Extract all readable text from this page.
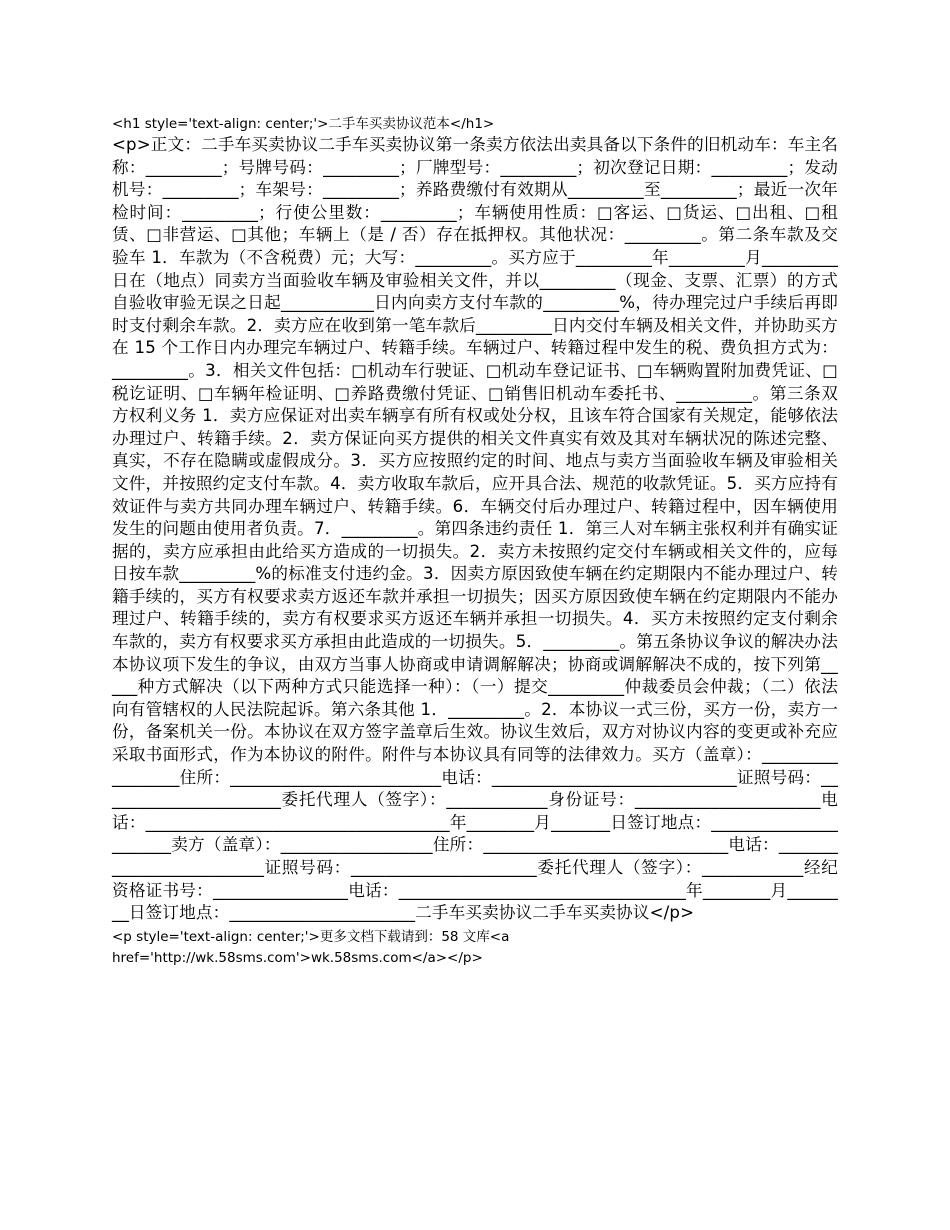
<h1 style='text-align: center;'>二手车买卖协议范本</h1>

<p>正文：二手车买卖协议二手车买卖协议第一条卖方依法出卖具备以下条件的旧机动车：车主名称：_________；号牌号码：_________；厂牌型号：_________；初次登记日期：_________；发动机号：_________；车架号：_________；养路费缴付有效期从_________至_________；最近一次年检时间：_________；行使公里数：_________；车辆使用性质：□客运、□货运、□出租、□租赁、□非营运、□其他；车辆上（是 / 否）存在抵押权。其他状况：_________。第二条车款及交验车 1．车款为（不含税费）元；大写：_________。买方应于_________年_________月_________日在（地点）同卖方当面验收车辆及审验相关文件，并以_________（现金、支票、汇票）的方式自验收审验无误之日起___________日内向卖方支付车款的_________%，待办理完过户手续后再即时支付剩余车款。2．卖方应在收到第一笔车款后_________日内交付车辆及相关文件，并协助买方在 15 个工作日内办理完车辆过户、转籍手续。车辆过户、转籍过程中发生的税、费负担方式为：_________。3．相关文件包括：□机动车行驶证、□机动车登记证书、□车辆购置附加费凭证、□税讫证明、□车辆年检证明、□养路费缴付凭证、□销售旧机动车委托书、_________。第三条双方权利义务 1．卖方应保证对出卖车辆享有所有权或处分权，且该车符合国家有关规定，能够依法办理过户、转籍手续。2．卖方保证向买方提供的相关文件真实有效及其对车辆状况的陈述完整、真实，不存在隐瞒或虚假成分。3．买方应按照约定的时间、地点与卖方当面验收车辆及审验相关文件，并按照约定支付车款。4．卖方收取车款后，应开具合法、规范的收款凭证。5．买方应持有效证件与卖方共同办理车辆过户、转籍手续。6．车辆交付后办理过户、转籍过程中，因车辆使用发生的问题由使用者负责。7．_________。第四条违约责任 1．第三人对车辆主张权利并有确实证据的，卖方应承担由此给买方造成的一切损失。2．卖方未按照约定交付车辆或相关文件的，应每日按车款_________%的标准支付违约金。3．因卖方原因致使车辆在约定期限内不能办理过户、转籍手续的，买方有权要求卖方返还车款并承担一切损失；因买方原因致使车辆在约定期限内不能办理过户、转籍手续的，卖方有权要求买方返还车辆并承担一切损失。4．买方未按照约定支付剩余车款的，卖方有权要求买方承担由此造成的一切损失。5．_________。第五条协议争议的解决办法本协议项下发生的争议，由双方当事人协商或申请调解解决；协商或调解解决不成的，按下列第_____种方式解决（以下两种方式只能选择一种）：（一）提交_________仲裁委员会仲裁；（二）依法向有管辖权的人民法院起诉。第六条其他 1．_________。2．本协议一式三份，买方一份，卖方一份，备案机关一份。本协议在双方签字盖章后生效。协议生效后，双方对协议内容的变更或补充应采取书面形式，作为本协议的附件。附件与本协议具有同等的法律效力。买方（盖章）：_________________住所：_________________________电话：_____________________________证照号码：______________________委托代理人（签字）：____________身份证号：______________________电话：____________________________________年________月_______日签订地点：______________________卖方（盖章）：__________________住所：_____________________________电话：_________________________证照号码：______________________委托代理人（签字）：____________经纪资格证书号：________________电话：__________________________________年________月________日签订地点：______________________二手车买卖协议二手车买卖协议</p>

<p style='text-align: center;'>更多文档下载请到：58 文库<a href='http://wk.58sms.com'>wk.58sms.com</a></p>
